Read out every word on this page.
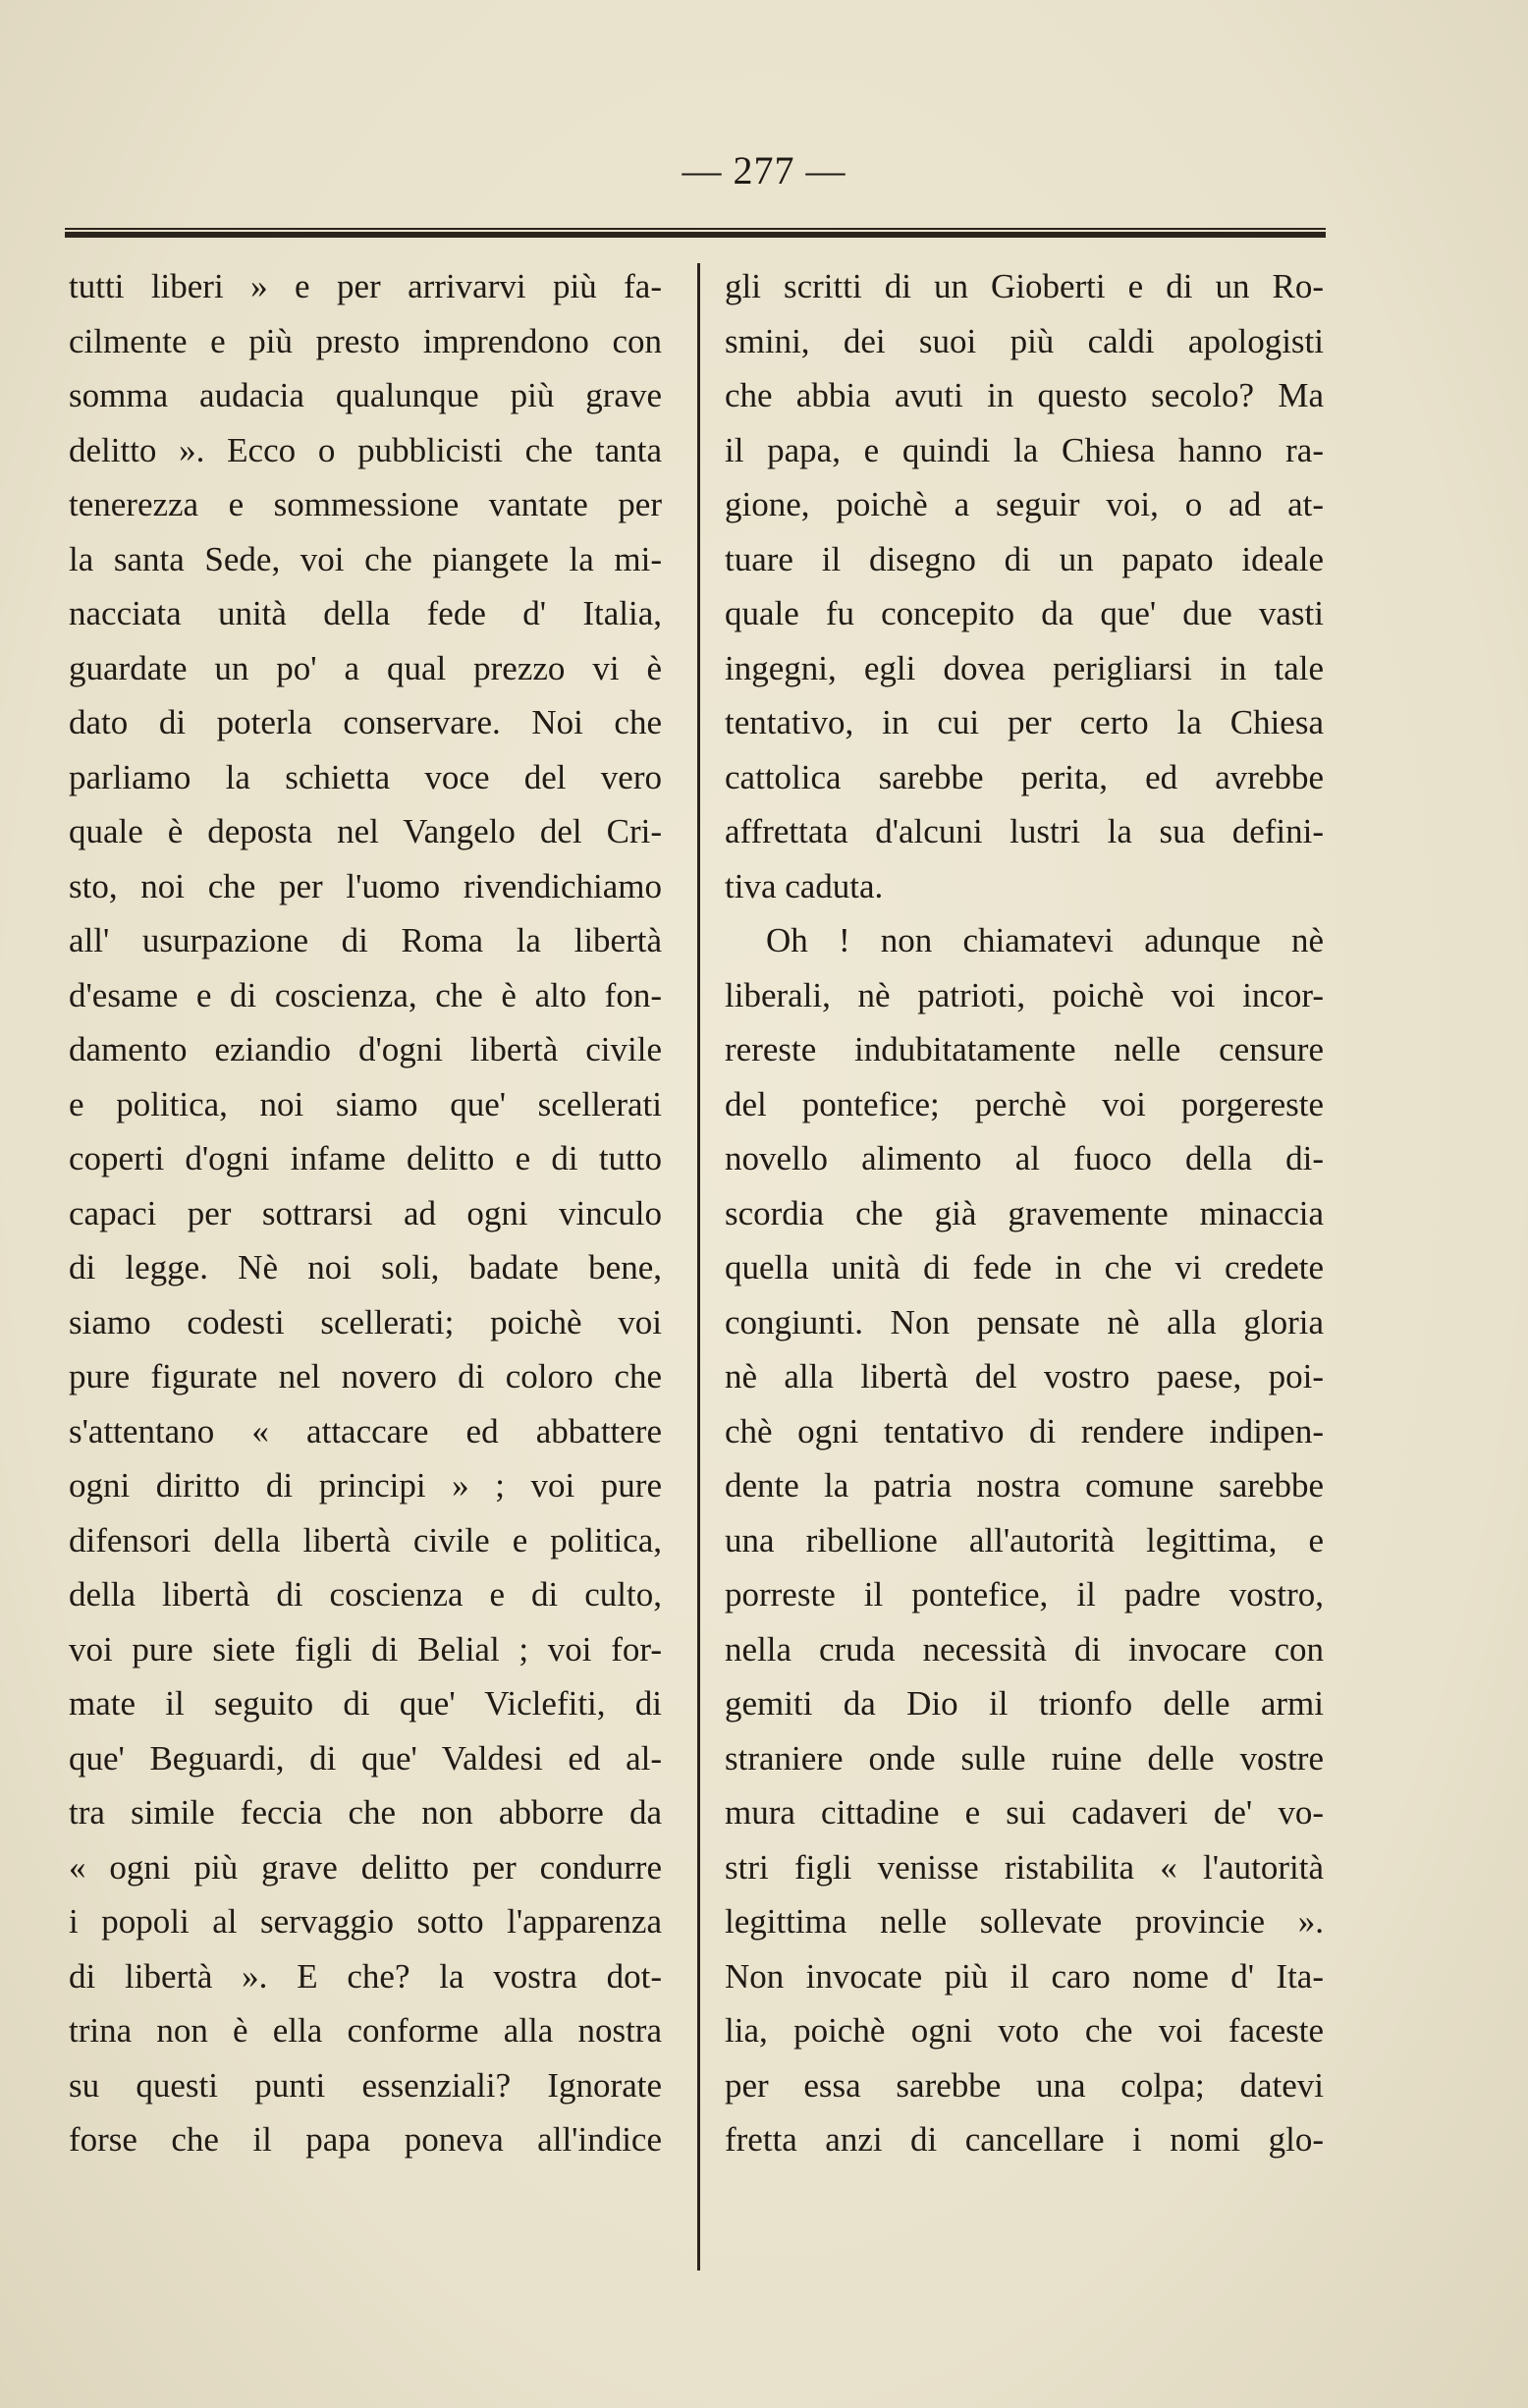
— 277 —
tutti liberi » e per arrivarvi più fa-
cilmente e più presto imprendono con
somma audacia qualunque più grave
delitto ». Ecco o pubblicisti che tanta
tenerezza e sommessione vantate per
la santa Sede, voi che piangete la mi-
nacciata unità della fede d' Italia,
guardate un po' a qual prezzo vi è
dato di poterla conservare. Noi che
parliamo la schietta voce del vero
quale è deposta nel Vangelo del Cri-
sto, noi che per l'uomo rivendichiamo
all' usurpazione di Roma la libertà
d'esame e di coscienza, che è alto fon-
damento eziandio d'ogni libertà civile
e politica, noi siamo que' scellerati
coperti d'ogni infame delitto e di tutto
capaci per sottrarsi ad ogni vinculo
di legge. Nè noi soli, badate bene,
siamo codesti scellerati; poichè voi
pure figurate nel novero di coloro che
s'attentano « attaccare ed abbattere
ogni diritto di principi » ; voi pure
difensori della libertà civile e politica,
della libertà di coscienza e di culto,
voi pure siete figli di Belial ; voi for-
mate il seguito di que' Viclefiti, di
que' Beguardi, di que' Valdesi ed al-
tra simile feccia che non abborre da
« ogni più grave delitto per condurre
i popoli al servaggio sotto l'apparenza
di libertà ». E che? la vostra dot-
trina non è ella conforme alla nostra
su questi punti essenziali? Ignorate
forse che il papa poneva all'indice
gli scritti di un Gioberti e di un Ro-
smini, dei suoi più caldi apologisti
che abbia avuti in questo secolo? Ma
il papa, e quindi la Chiesa hanno ra-
gione, poichè a seguir voi, o ad at-
tuare il disegno di un papato ideale
quale fu concepito da que' due vasti
ingegni, egli dovea perigliarsi in tale
tentativo, in cui per certo la Chiesa
cattolica sarebbe perita, ed avrebbe
affrettata d'alcuni lustri la sua defini-
tiva caduta.
Oh ! non chiamatevi adunque nè
liberali, nè patrioti, poichè voi incor-
rereste indubitatamente nelle censure
del pontefice; perchè voi porgereste
novello alimento al fuoco della di-
scordia che già gravemente minaccia
quella unità di fede in che vi credete
congiunti. Non pensate nè alla gloria
nè alla libertà del vostro paese, poi-
chè ogni tentativo di rendere indipen-
dente la patria nostra comune sarebbe
una ribellione all'autorità legittima, e
porreste il pontefice, il padre vostro,
nella cruda necessità di invocare con
gemiti da Dio il trionfo delle armi
straniere onde sulle ruine delle vostre
mura cittadine e sui cadaveri de' vo-
stri figli venisse ristabilita « l'autorità
legittima nelle sollevate provincie ».
Non invocate più il caro nome d' Ita-
lia, poichè ogni voto che voi faceste
per essa sarebbe una colpa; datevi
fretta anzi di cancellare i nomi glo-
